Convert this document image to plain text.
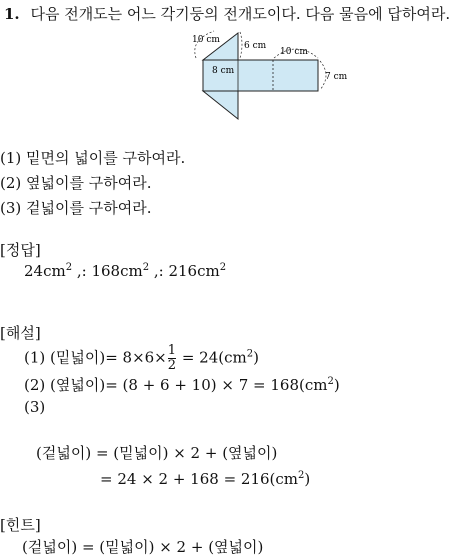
1. 다음 전개도는 어느 각기둥의 전개도이다. 다음 물음에 답하여라.
10 cm
6 cm
8 cm
10 cm
7 cm
(1) 밑면의 넓이를 구하여라.
(2) 옆넓이를 구하여라.
(3) 겉넓이를 구하여라.
[정답]
$24cm^2$ ,: $168cm^2$ ,: $216cm^2$
[해설]
(1) (밑넓이)= $8\times 6\times \frac{1}{2} = 24(cm^2)$
(2) (옆넓이)= $(8 + 6 + 10) \times 7 = 168(cm^2)$
(3)
(겉넓이) = (밑넓이) × 2 + (옆넓이)
= $24 \times 2 + 168 = 216(cm^2)$
[힌트]
(겉넓이) = (밑넓이) × 2 + (옆넓이)
